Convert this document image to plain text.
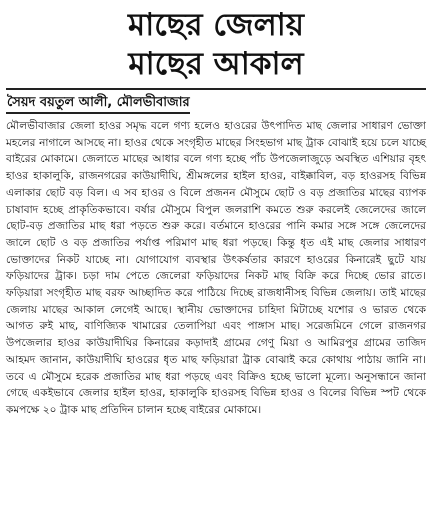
মাছের জেলায়
মাছের আকাল
সৈয়দ বয়তুল আলী, মৌলভীবাজার

মৌলভীবাজার জেলা হাওর সমৃদ্ধ বলে গণ্য হলেও হাওরের উৎপাদিত মাছ জেলার সাধারণ ভোক্তা মহলের নাগালে আসছে না। হাওর থেকে সংগৃহীত মাছের সিংহভাগ মাছ ট্রাক বোঝাই হয়ে চলে যাচ্ছে বাইরের মোকামে। জেলাতে মাছের আধার বলে গণ্য হচ্ছে পাঁচ উপজেলাজুড়ে অবস্থিত এশিয়ার বৃহৎ হাওর হাকালুকি, রাজনগরের কাউয়াদীঘি, শ্রীমঙ্গলের হাইল হাওর, বাইক্কাবিল, বড় হাওরসহ বিভিন্ন এলাকার ছোট বড় বিল। এ সব হাওর ও বিলে প্রজনন মৌসুমে ছোট ও বড় প্রজাতির মাছের ব্যাপক চাষাবাদ হচ্ছে প্রাকৃতিকভাবে। বর্ষার মৌসুমে বিপুল জলরাশি কমতে শুরু করলেই জেলেদের জালে ছোট-বড় প্রজাতির মাছ ধরা পড়তে শুরু করে। বর্তমানে হাওরের পানি কমার সঙ্গে সঙ্গে জেলেদের জালে ছোট ও বড় প্রজাতির পর্যাপ্ত পরিমাণ মাছ ধরা পড়ছে। কিন্তু ধৃত এই মাছ জেলার সাধারণ ভোক্তাদের নিকট যাচ্ছে না। যোগাযোগ ব্যবস্থার উৎকর্ষতার কারণে হাওরের কিনারেই ছুটে যায় ফড়িয়াদের ট্রাক। চড়া দাম পেতে জেলেরা ফড়িয়াদের নিকট মাছ বিক্রি করে দিচ্ছে ভোর রাতে। ফড়িয়ারা সংগৃহীত মাছ বরফ আচ্ছাদিত করে পাঠিয়ে দিচ্ছে রাজধানীসহ বিভিন্ন জেলায়। তাই মাছের জেলায় মাছের আকাল লেগেই আছে। স্থানীয় ভোক্তাদের চাহিদা মিটাচ্ছে যশোর ও ভারত থেকে আগত রুই মাছ, বাণিজ্যিক খামারের তেলাপিয়া এবং পাঙ্গাস মাছ। সরেজমিনে গেলে রাজনগর উপজেলার হাওর কাউয়াদীঘির কিনারের কড়াদাই গ্রামের গেণু মিয়া ও আমিরপুর গ্রামের তাজিদ আহমদ জানান, কাউয়াদীঘি হাওরের ধৃত মাছ ফড়িয়ারা ট্রাক বোঝাই করে কোথায় পাঠায় জানি না। তবে এ মৌসুমে হরেক প্রজাতির মাছ ধরা পড়ছে এবং বিক্রিও হচ্ছে ভালো মূল্যে। অনুসন্ধানে জানা গেছে একইভাবে জেলার হাইল হাওর, হাকালুকি হাওরসহ বিভিন্ন হাওর ও বিলের বিভিন্ন স্পট থেকে কমপক্ষে ২০ ট্রাক মাছ প্রতিদিন চালান হচ্ছে বাইরের মোকামে।
